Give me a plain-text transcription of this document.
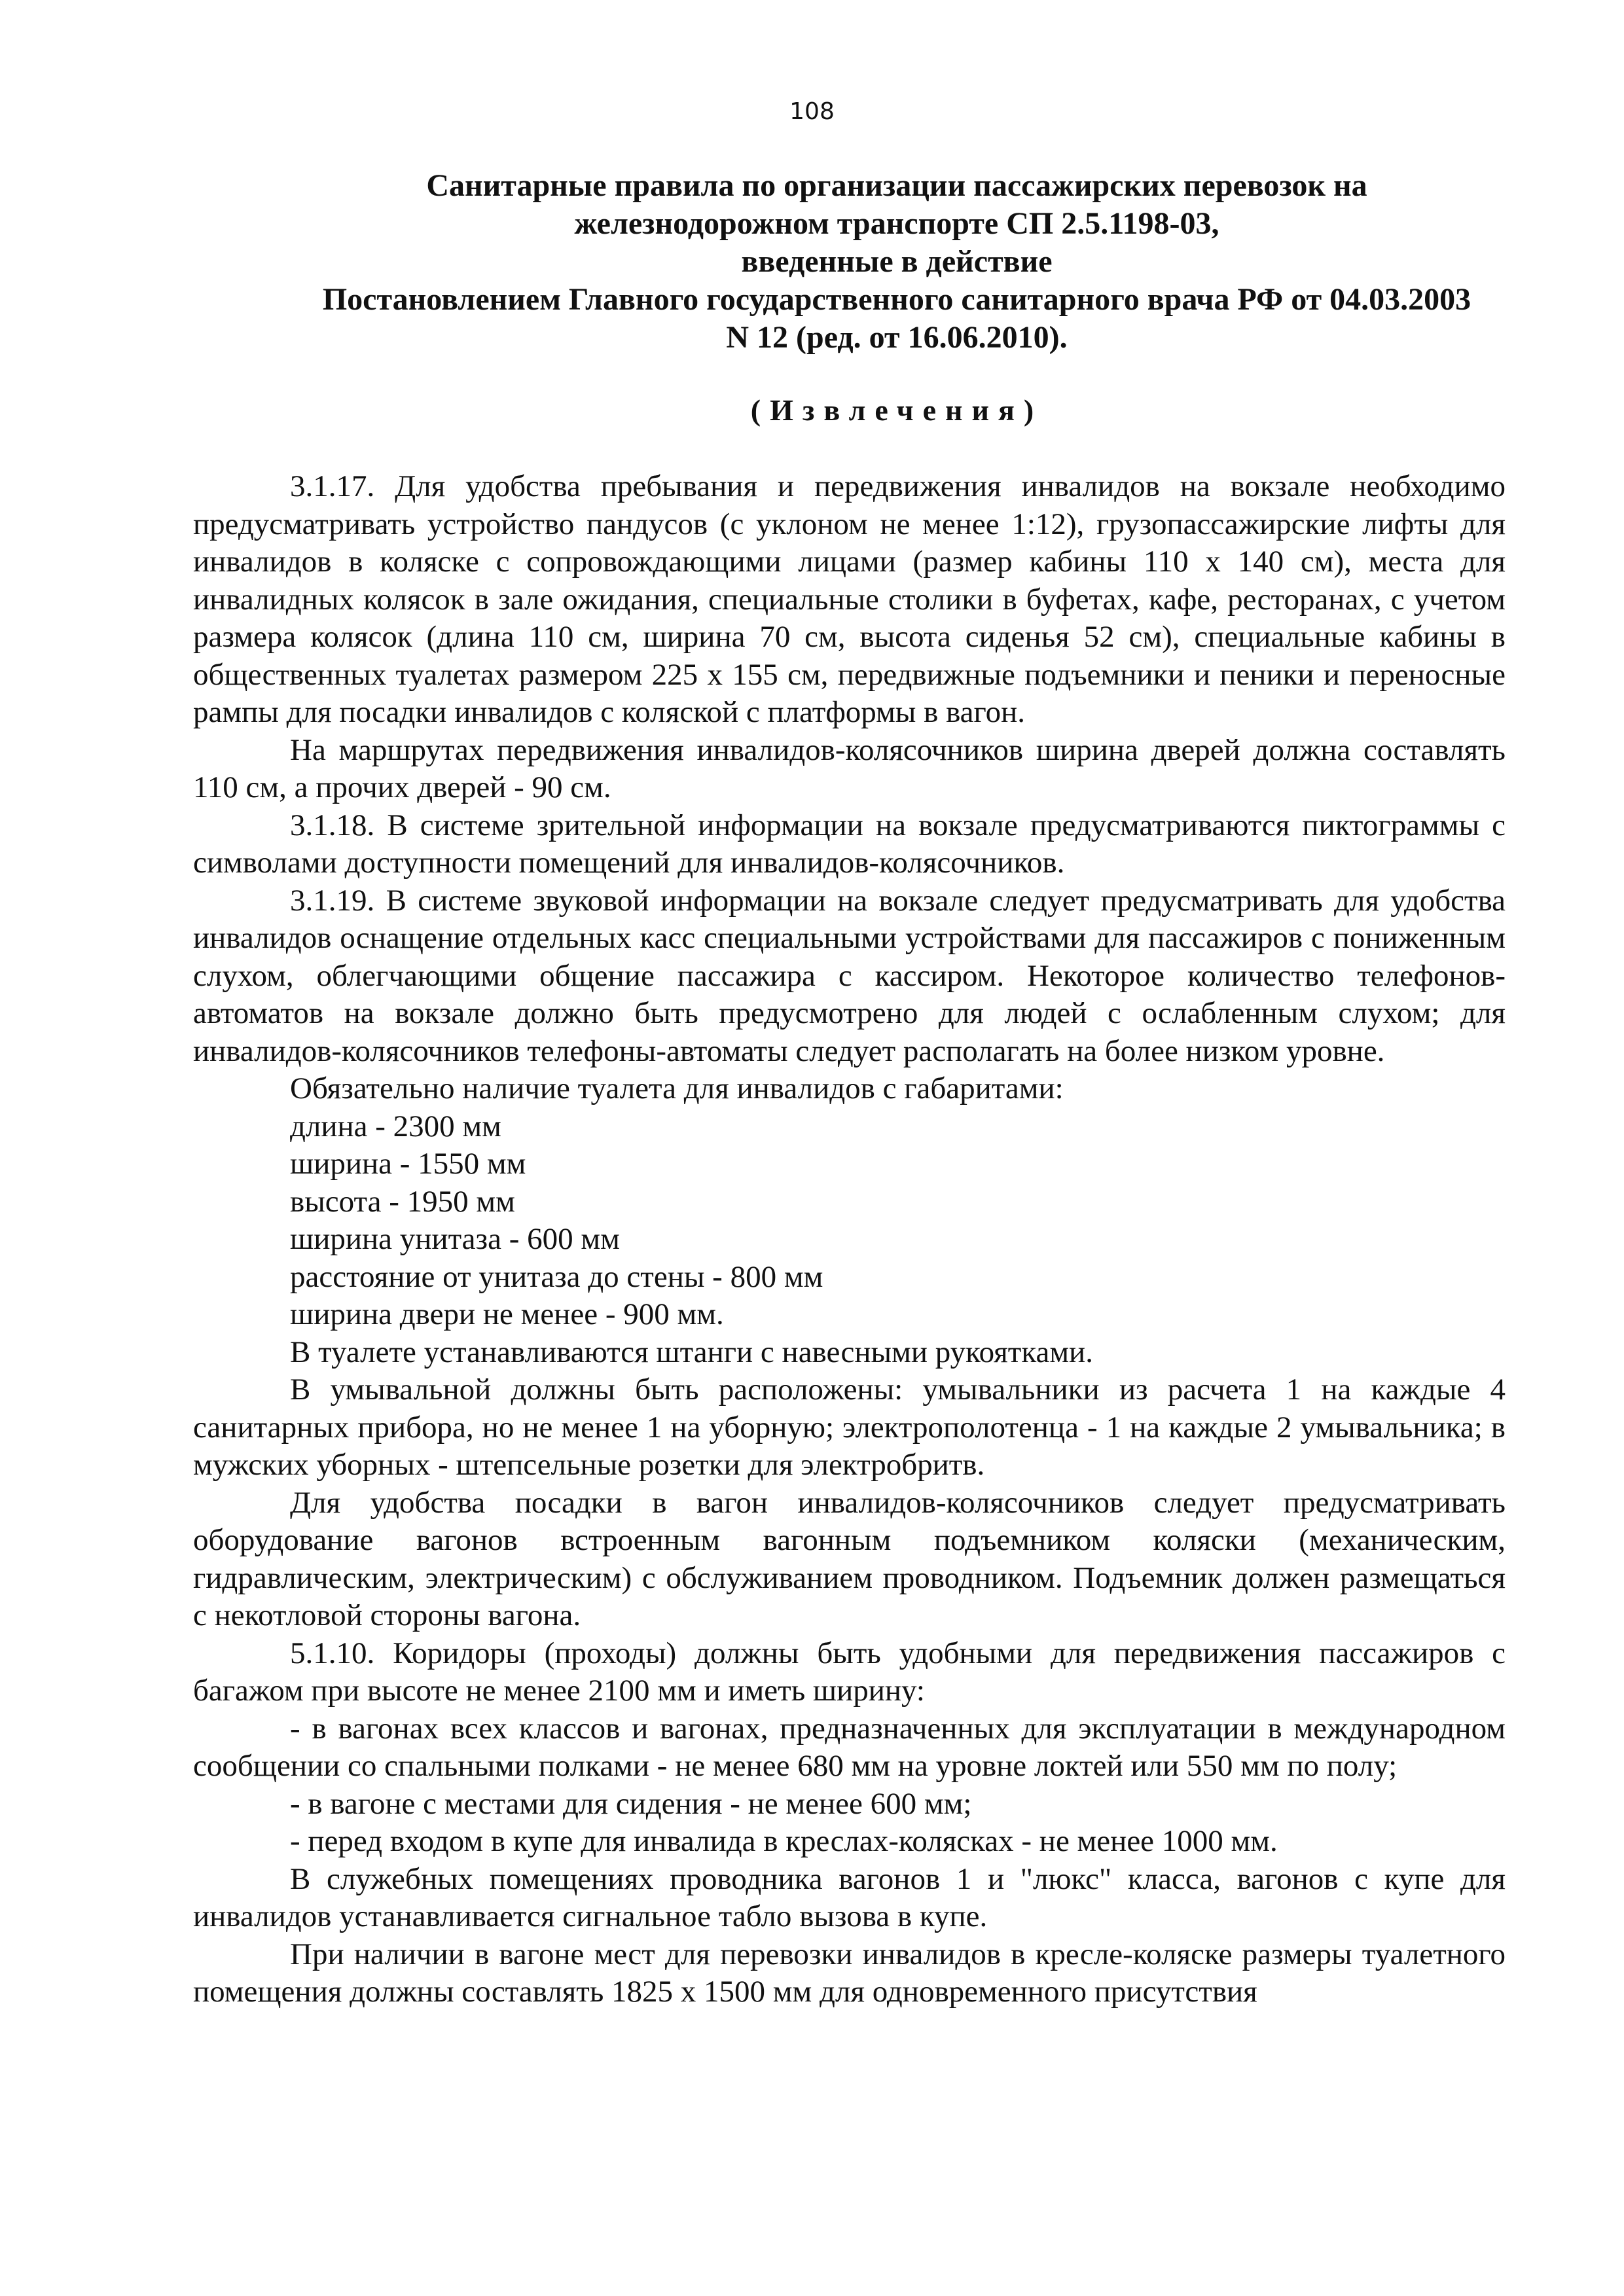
108
Санитарные правила по организации пассажирских перевозок на
железнодорожном транспорте СП 2.5.1198-03,
введенные в действие
Постановлением Главного государственного санитарного врача РФ от 04.03.2003
N 12 (ред. от 16.06.2010).
(Извлечения)

3.1.17. Для удобства пребывания и передвижения инвалидов на вокзале необходимо предусматривать устройство пандусов (с уклоном не менее 1:12), грузопассажирские лифты для инвалидов в коляске с сопровождающими лицами (размер кабины 110 х 140 см), места для инвалидных колясок в зале ожидания, специальные столики в буфетах, кафе, ресторанах, с учетом размера колясок (длина 110 см, ширина 70 см, высота сиденья 52 см), специальные кабины в общественных туалетах размером 225 х 155 см, передвижные подъемники и пеники и переносные рампы для посадки инвалидов с коляской с платформы в вагон.

На маршрутах передвижения инвалидов-колясочников ширина дверей должна составлять 110 см, а прочих дверей - 90 см.

3.1.18. В системе зрительной информации на вокзале предусматриваются пиктограммы с символами доступности помещений для инвалидов-колясочников.

3.1.19. В системе звуковой информации на вокзале следует предусматривать для удобства инвалидов оснащение отдельных касс специальными устройствами для пассажиров с пониженным слухом, облегчающими общение пассажира с кассиром. Некоторое количество телефонов-автоматов на вокзале должно быть предусмотрено для людей с ослабленным слухом; для инвалидов-колясочников телефоны-автоматы следует располагать на более низком уровне.

Обязательно наличие туалета для инвалидов с габаритами:

длина - 2300 мм

ширина - 1550 мм

высота - 1950 мм

ширина унитаза - 600 мм

расстояние от унитаза до стены - 800 мм

ширина двери не менее - 900 мм.

В туалете устанавливаются штанги с навесными рукоятками.

В умывальной должны быть расположены: умывальники из расчета 1 на каждые 4 санитарных прибора, но не менее 1 на уборную; электрополотенца - 1 на каждые 2 умывальника; в мужских уборных - штепсельные розетки для электробритв.

Для удобства посадки в вагон инвалидов-колясочников следует предусматривать оборудование вагонов встроенным вагонным подъемником коляски (механическим, гидравлическим, электрическим) с обслуживанием проводником. Подъемник должен размещаться с некотловой стороны вагона.

5.1.10. Коридоры (проходы) должны быть удобными для передвижения пассажиров с багажом при высоте не менее 2100 мм и иметь ширину:

- в вагонах всех классов и вагонах, предназначенных для эксплуатации в международном сообщении со спальными полками - не менее 680 мм на уровне локтей или 550 мм по полу;

- в вагоне с местами для сидения - не менее 600 мм;

- перед входом в купе для инвалида в креслах-колясках - не менее 1000 мм.

В служебных помещениях проводника вагонов 1 и "люкс" класса, вагонов с купе для инвалидов устанавливается сигнальное табло вызова в купе.

При наличии в вагоне мест для перевозки инвалидов в кресле-коляске размеры туалетного помещения должны составлять 1825 х 1500 мм для одновременного присутствия
